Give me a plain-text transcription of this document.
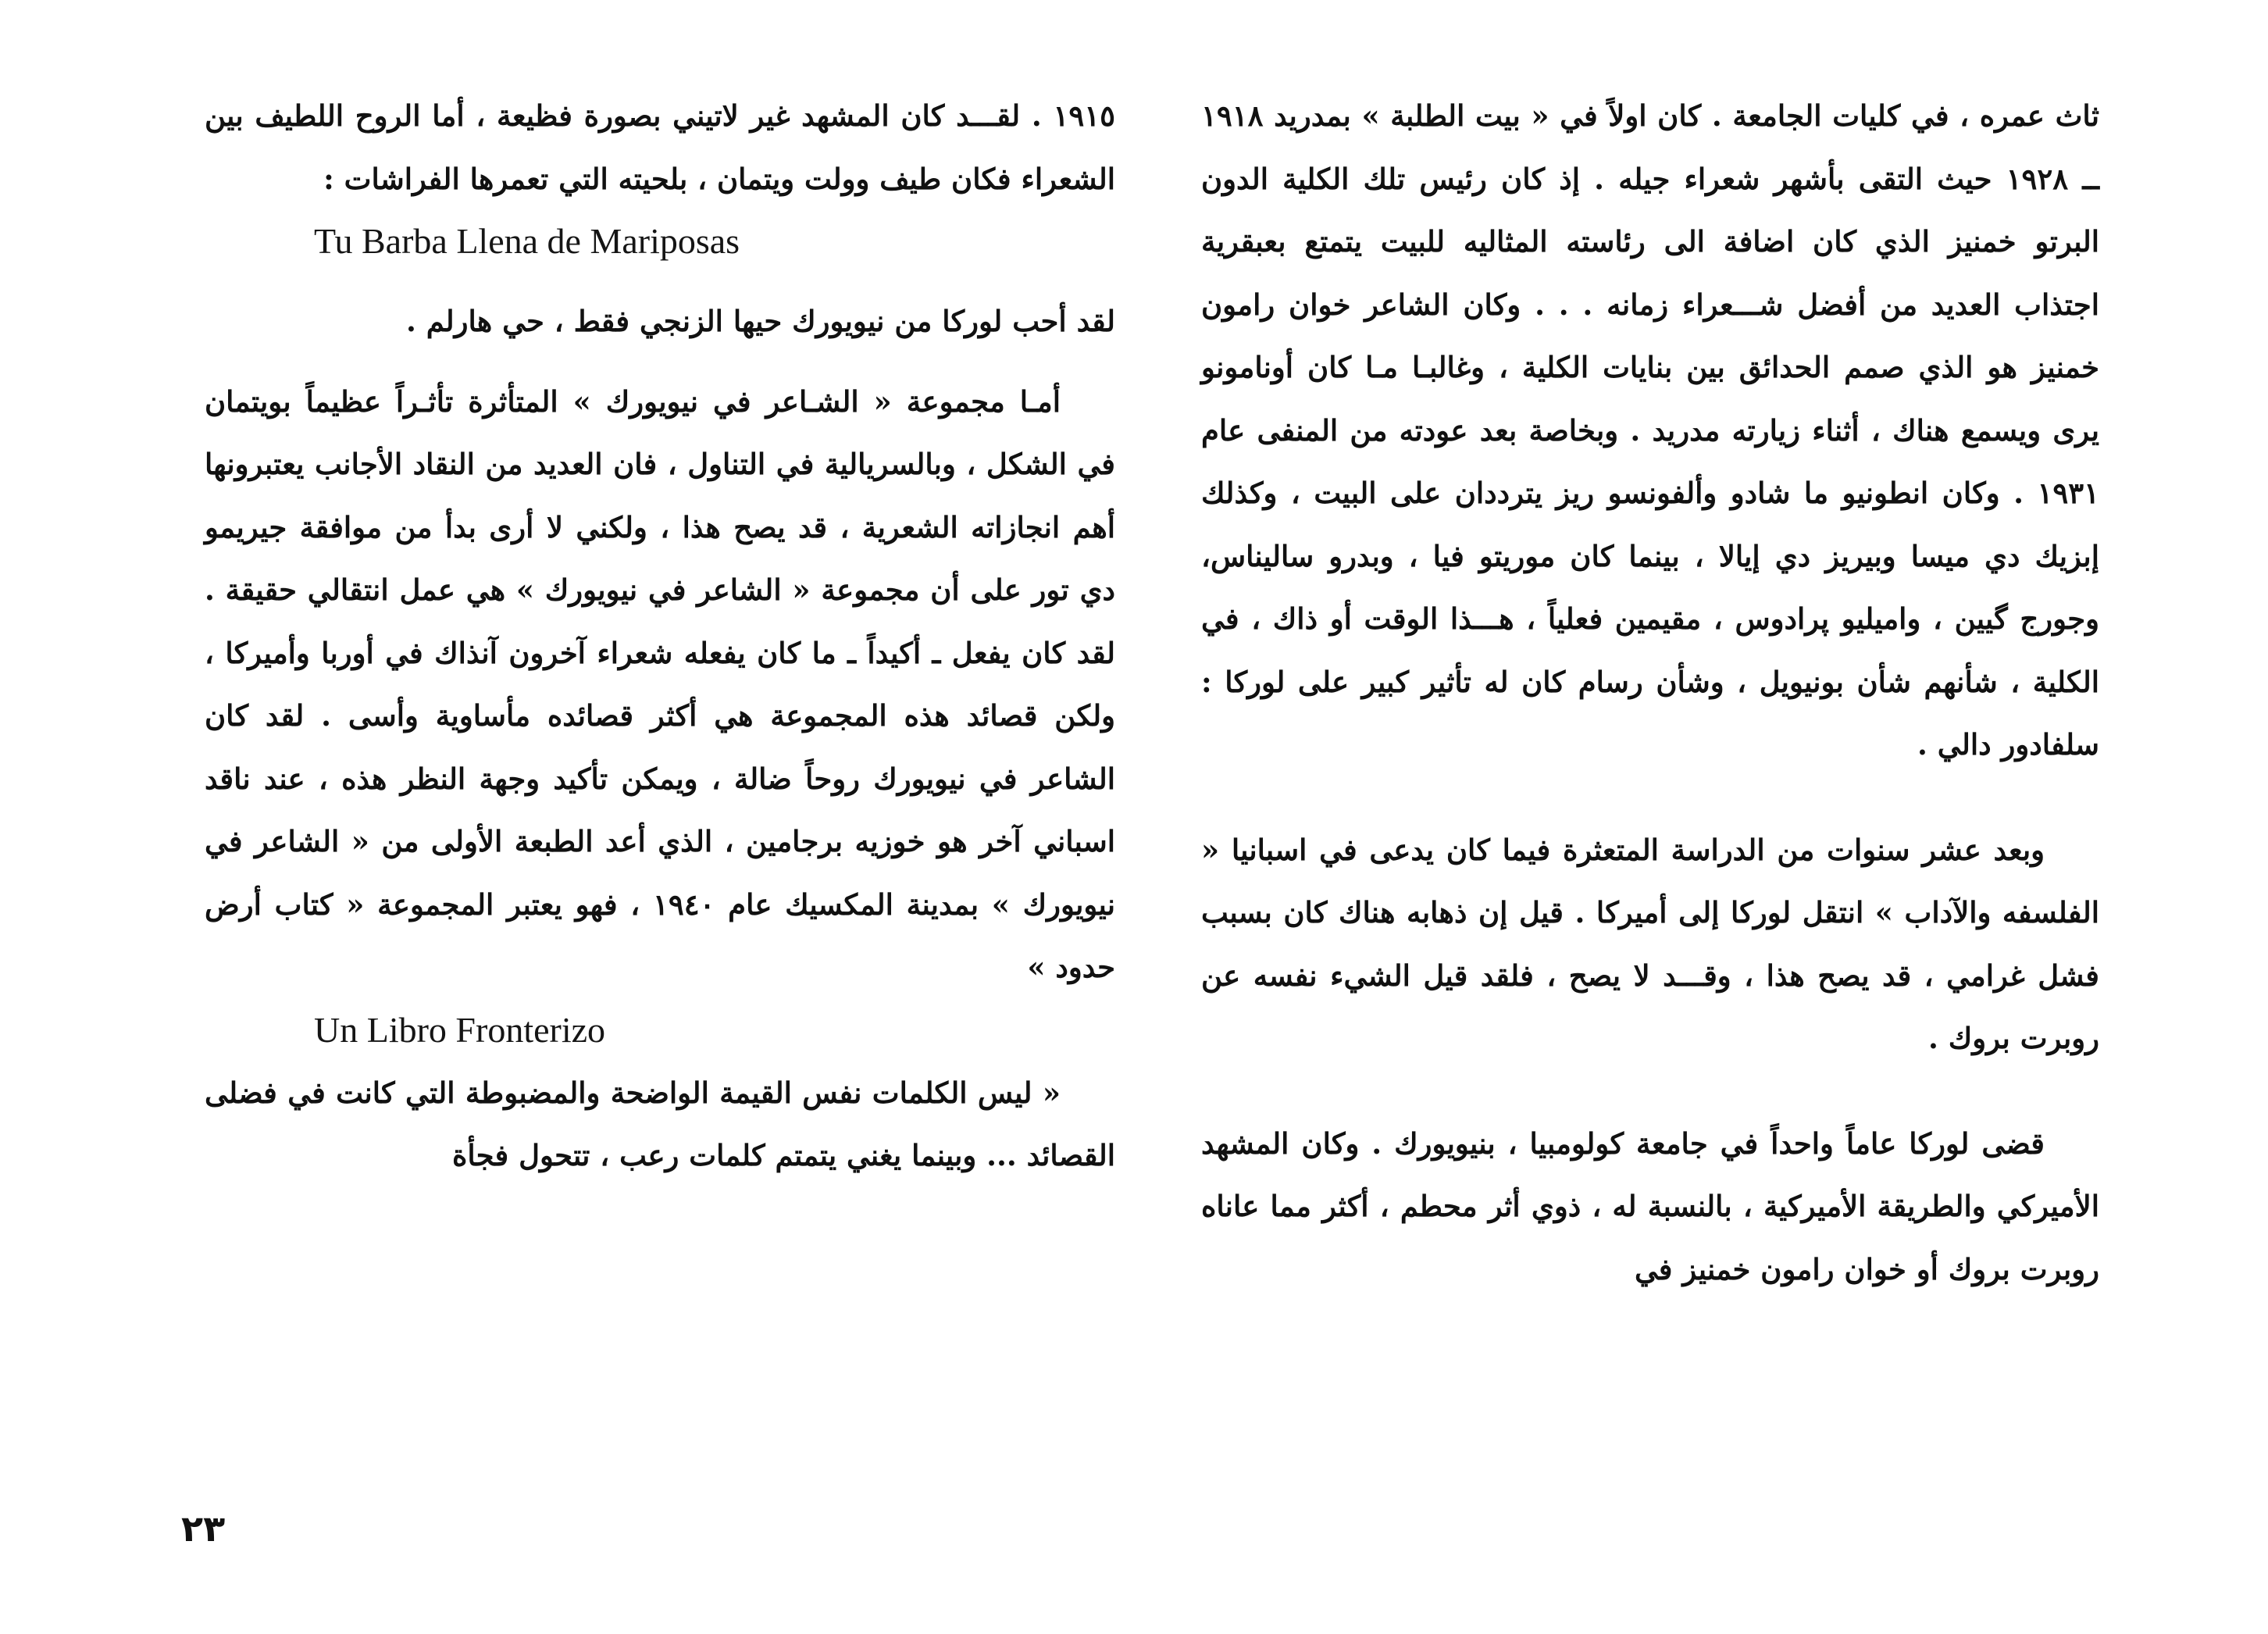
ثاث عمره ، في كليات الجامعة . كان اولاً في « بيت الطلبة » بمدريد ١٩١٨ ــ ١٩٢٨ حيث التقى بأشهر شعراء جيله . إذ كان رئيس تلك الكلية الدون البرتو خمنيز الذي كان اضافة الى رئاسته المثاليه للبيت يتمتع بعبقرية اجتذاب العديد من أفضل شـــعراء زمانه . . . وكان الشاعر خوان رامون خمنيز هو الذي صمم الحدائق بين بنايات الكلية ، وغالبـا مـا كان أونامونو يرى ويسمع هناك ، أثناء زيارته مدريد . وبخاصة بعد عودته من المنفى عام ١٩٣١ . وكان انطونيو ما شادو وألفونسو ريز يترددان على البيت ، وكذلك إبزيك دي ميسا وبيريز دي إيالا ، بينما كان موريتو فيا ، وبدرو ساليناس، وجورج گيين ، واميليو پرادوس ، مقيمين فعلياً ، هـــذا الوقت أو ذاك ، في الكلية ، شأنهم شأن بونيويل ، وشأن رسام كان له تأثير كبير على لوركا : سلفادور دالي .

وبعد عشر سنوات من الدراسة المتعثرة فيما كان يدعى في اسبانيا « الفلسفه والآداب » انتقل لوركا إلى أميركا . قيل إن ذهابه هناك كان بسبب فشل غرامي ، قد يصح هذا ، وقـــد لا يصح ، فلقد قيل الشيء نفسه عن روبرت بروك .

قضى لوركا عاماً واحداً في جامعة كولومبيا ، بنيويورك . وكان المشهد الأميركي والطريقة الأميركية ، بالنسبة له ، ذوي أثر محطم ، أكثر مما عاناه روبرت بروك أو خوان رامون خمنيز في

١٩١٥ . لقـــد كان المشهد غير لاتيني بصورة فظيعة ، أما الروح اللطيف بين الشعراء فكان طيف وولت ويتمان ، بلحيته التي تعمرها الفراشات :

Tu Barba Llena de Mariposas

لقد أحب لوركا من نيويورك حيها الزنجي فقط ، حي هارلم .

أمـا مجموعة « الشـاعر في نيويورك » المتأثرة تأثـراً عظيماً بويتمان في الشكل ، وبالسريالية في التناول ، فان العديد من النقاد الأجانب يعتبرونها أهم انجازاته الشعرية ، قد يصح هذا ، ولكني لا أرى بدأ من موافقة جيريمو دي تور على أن مجموعة « الشاعر في نيويورك » هي عمل انتقالي حقيقة . لقد كان يفعل ـ أكيداً ـ ما كان يفعله شعراء آخرون آنذاك في أوربا وأميركا ، ولكن قصائد هذه المجموعة هي أكثر قصائده مأساوية وأسى . لقد كان الشاعر في نيويورك روحاً ضالة ، ويمكن تأكيد وجهة النظر هذه ، عند ناقد اسباني آخر هو خوزيه برجامين ، الذي أعد الطبعة الأولى من « الشاعر في نيويورك » بمدينة المكسيك عام ١٩٤٠ ، فهو يعتبر المجموعة « كتاب أرض حدود »

Un Libro Fronterizo

« ليس الكلمات نفس القيمة الواضحة والمضبوطة التي كانت في فضلى القصائد ... وبينما يغني يتمتم كلمات رعب ، تتحول فجأة

٢٣
